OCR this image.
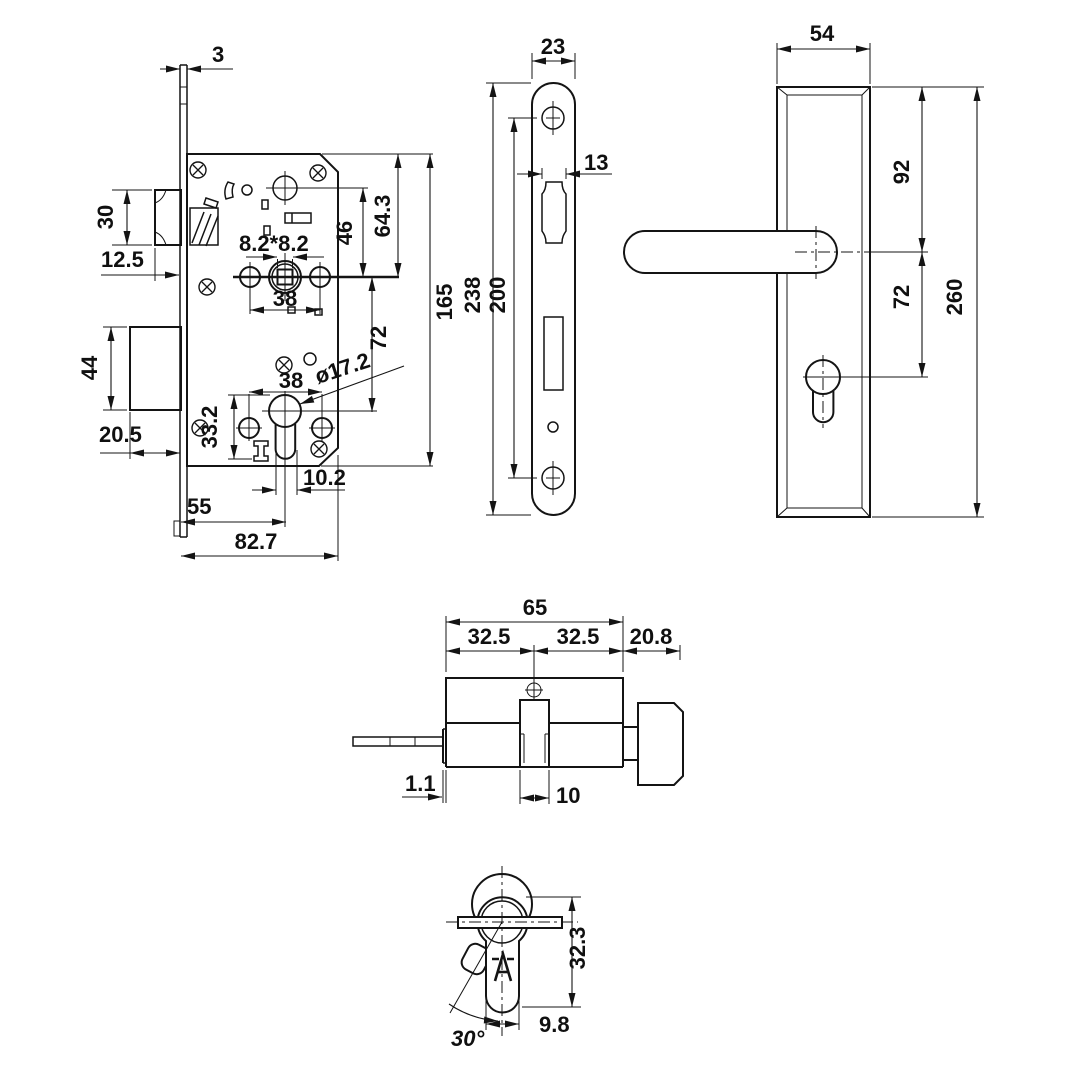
3
30
12.5
44
20.5
8.2*8.2
38
38
33.2
ø17.2
10.2
55
82.7
46 64.3
72
165
23
13
200
238
54
92
72 260
65
32.5 32.5 20.8
1.1	10
30°
9.8
32.3
